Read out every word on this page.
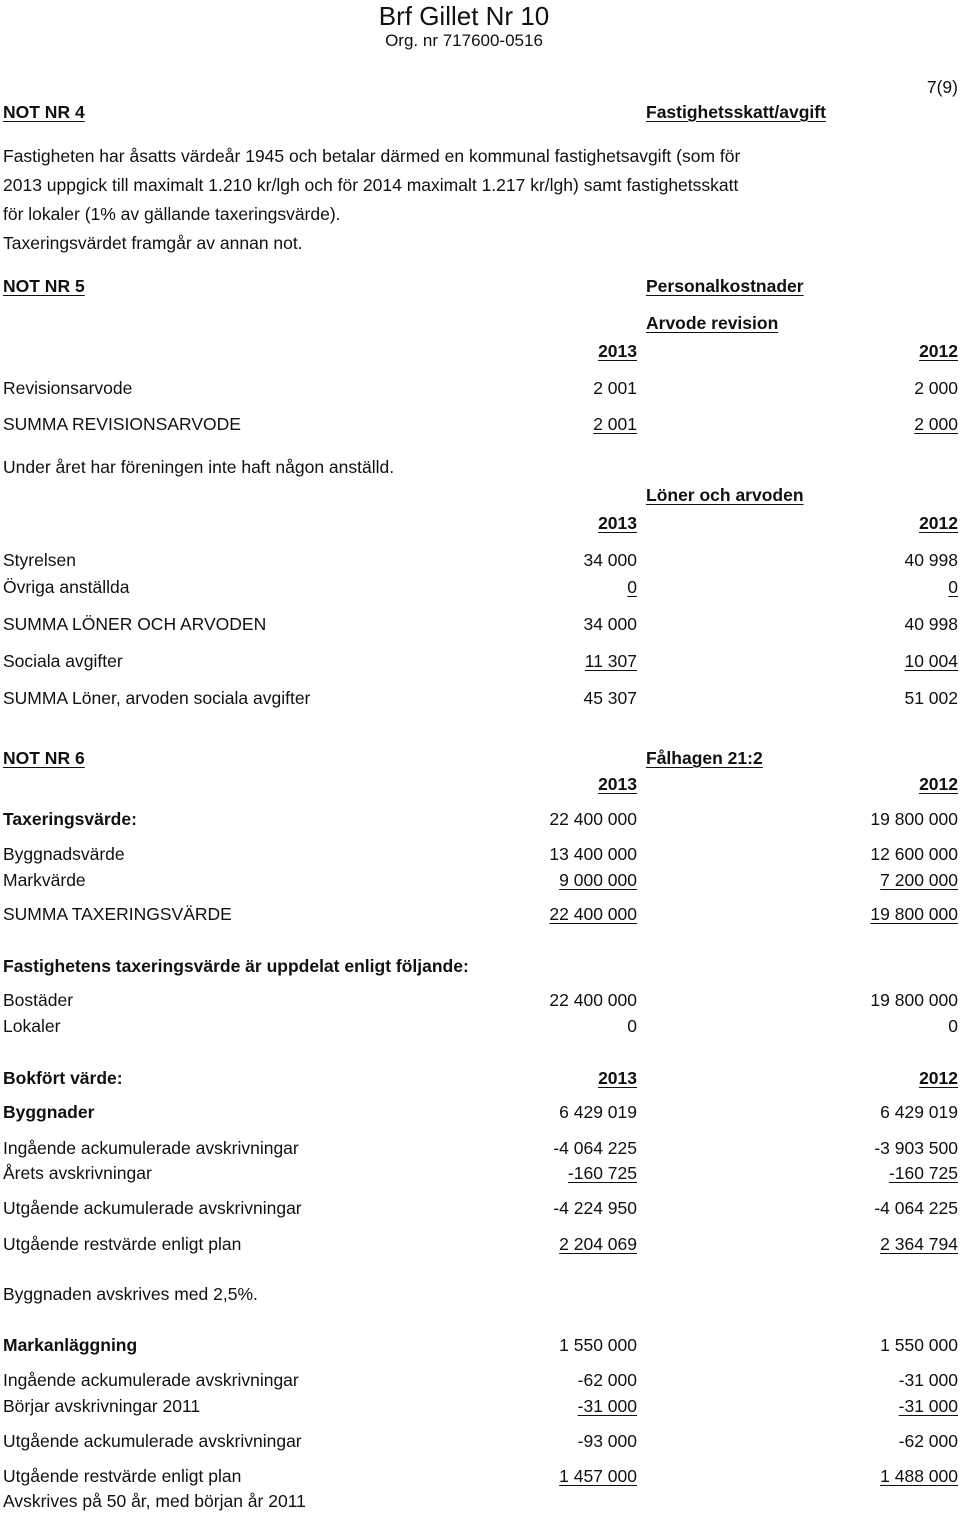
Brf Gillet Nr 10
Org. nr 717600-0516
7(9)
NOT NR 4	Fastighetsskatt/avgift

Fastigheten har åsatts värdeår 1945 och betalar därmed en kommunal fastighetsavgift (som för

2013 uppgick till maximalt 1.210 kr/lgh och för 2014 maximalt 1.217 kr/lgh) samt fastighetsskatt

för lokaler (1% av gällande taxeringsvärde).

Taxeringsvärdet framgår av annan not.

NOT NR 5	Personalkostnader
Arvode revision
2013	2012
Revisionsarvode	2 001	2 000
SUMMA REVISIONSARVODE	2 001	2 000
Under året har föreningen inte haft någon anställd.
Löner och arvoden
2013	2012
Styrelsen	34 000	40 998
Övriga anställda	0	0
SUMMA LÖNER OCH ARVODEN	34 000	40 998
Sociala avgifter	11 307	10 004
SUMMA Löner, arvoden sociala avgifter	45 307	51 002
NOT NR 6	Fålhagen 21:2
2013	2012
Taxeringsvärde:	22 400 000	19 800 000
Byggnadsvärde	13 400 000	12 600 000
Markvärde	9 000 000	7 200 000
SUMMA TAXERINGSVÄRDE	22 400 000	19 800 000
Fastighetens taxeringsvärde är uppdelat enligt följande:
Bostäder	22 400 000	19 800 000
Lokaler	0	0
Bokfört värde:	2013	2012
Byggnader	6 429 019	6 429 019
Ingående ackumulerade avskrivningar	-4 064 225	-3 903 500
Årets avskrivningar	-160 725	-160 725
Utgående ackumulerade avskrivningar	-4 224 950	-4 064 225
Utgående restvärde enligt plan	2 204 069	2 364 794
Byggnaden avskrives med 2,5%.
Markanläggning	1 550 000	1 550 000
Ingående ackumulerade avskrivningar	-62 000	-31 000
Börjar avskrivningar 2011	-31 000	-31 000
Utgående ackumulerade avskrivningar	-93 000	-62 000
Utgående restvärde enligt plan	1 457 000	1 488 000
Avskrives på 50 år, med början år 2011
